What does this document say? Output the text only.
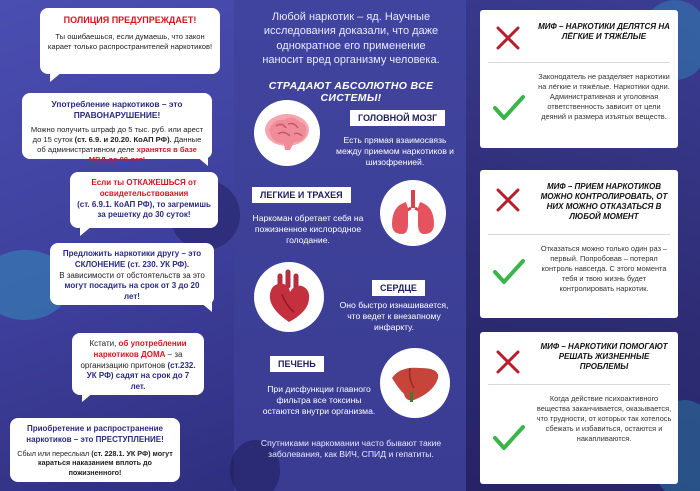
ПОЛИЦИЯ ПРЕДУПРЕЖДАЕТ!
Ты ошибаешься, если думаешь, что закон карает только распространителей наркотиков!
Употребление наркотиков – это ПРАВОНАРУШЕНИЕ!
Можно получить штраф до 5 тыс. руб. или арест до 15 суток (ст. 6.9. и 20.20. КоАП РФ). Данные об административном деле хранятся в базе МВД до 90 лет!
Если ты ОТКАЖЕШЬСЯ от освидетельствования
(ст. 6.9.1. КоАП РФ), то загремишь за решетку до 30 суток!
Предложить наркотики другу – это СКЛОНЕНИЕ (ст. 230. УК РФ).
В зависимости от обстоятельств за это могут посадить на срок от 3 до 20 лет!
Кстати, об употреблении наркотиков ДОМА – за организацию притонов (ст.232. УК РФ) садят на срок до 7 лет.
Приобретение и распространение наркотиков – это ПРЕСТУПЛЕНИЕ!
Сбыл или переслыал (ст. 228.1. УК РФ) могут караться наказанием вплоть до пожизненного!
Любой наркотик – яд. Научные исследования доказали, что даже однократное его применение наносит вред организму человека.
СТРАДАЮТ АБСОЛЮТНО ВСЕ СИСТЕМЫ!
ГОЛОВНОЙ МОЗГ
Есть прямая взаимосвязь между приемом наркотиков и шизофренией.
ЛЕГКИЕ И ТРАХЕЯ
Наркоман обретает себя на пожизненное кислородное голодание.
СЕРДЦЕ
Оно быстро изнашивается, что ведет к внезапному инфаркту.
ПЕЧЕНЬ
При дисфункции главного фильтра все токсины остаются внутри организма.
Спутниками наркомании часто бывают такие заболевания, как ВИЧ, СПИД и гепатиты.
МИФ – НАРКОТИКИ ДЕЛЯТСЯ НА ЛЁГКИЕ И ТЯЖЁЛЫЕ
Законодатель не разделяет наркотики на лёгкие и тяжёлые. Наркотики одни. Административная и уголовная ответственность зависит от цели деяний и размера изъятых веществ.
МИФ – ПРИЕМ НАРКОТИКОВ МОЖНО КОНТРОЛИРОВАТЬ, ОТ НИХ МОЖНО ОТКАЗАТЬСЯ В ЛЮБОЙ МОМЕНТ
Отказаться можно только один раз – первый. Попробовав – потерял контроль навсегда. С этого момента тебя и твою жизнь будет контролировать наркотик.
МИФ – НАРКОТИКИ ПОМОГАЮТ РЕШАТЬ ЖИЗНЕННЫЕ ПРОБЛЕМЫ
Когда действие психоактивного вещества заканчивается, оказывается, что трудности, от которых так хотелось сбежать и избавиться, остаются и накапливаются.
